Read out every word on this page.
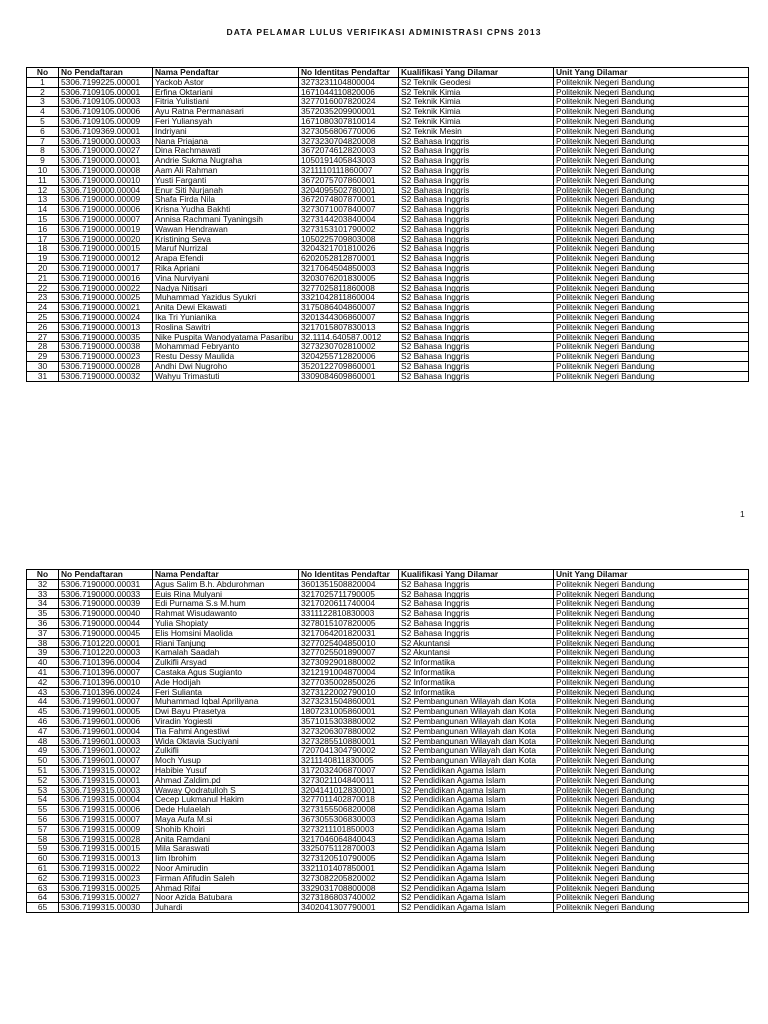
DATA PELAMAR LULUS VERIFIKASI ADMINISTRASI CPNS 2013
No	No Pendaftaran	Nama Pendaftar	No Identitas Pendaftar	Kualifikasi Yang Dilamar	Unit Yang Dilamar
1	5306.7199225.00001	Yackob Astor	3273231104800004	S2 Teknik Geodesi	Politeknik Negeri Bandung
2	5306.7109105.00001	Erfina Oktariani	1671044110820006	S2 Teknik Kimia	Politeknik Negeri Bandung
3	5306.7109105.00003	Fitria Yulistiani	3277016007820024	S2 Teknik Kimia	Politeknik Negeri Bandung
4	5306.7109105.00006	Ayu Ratna Permanasari	3572035209900001	S2 Teknik Kimia	Politeknik Negeri Bandung
5	5306.7109105.00009	Feri Yuliansyah	1671080307810014	S2 Teknik Kimia	Politeknik Negeri Bandung
6	5306.7109369.00001	Indriyani	3273056806770006	S2 Teknik Mesin	Politeknik Negeri Bandung
7	5306.7190000.00003	Nana Priajana	3273230704820008	S2 Bahasa Inggris	Politeknik Negeri Bandung
8	5306.7190000.00027	Dina Rachmawati	3672074612820003	S2 Bahasa Inggris	Politeknik Negeri Bandung
9	5306.7190000.00001	Andrie Sukma Nugraha	1050191405843003	S2 Bahasa Inggris	Politeknik Negeri Bandung
10	5306.7190000.00008	Aam Ali Rahman	3211110111860007	S2 Bahasa Inggris	Politeknik Negeri Bandung
11	5306.7190000.00010	Yusti Farganti	3672075707860001	S2 Bahasa Inggris	Politeknik Negeri Bandung
12	5306.7190000.00004	Enur Siti Nurjanah	3204095502780001	S2 Bahasa Inggris	Politeknik Negeri Bandung
13	5306.7190000.00009	Shafa Firda Nila	3672074807870001	S2 Bahasa Inggris	Politeknik Negeri Bandung
14	5306.7190000.00006	Krisna Yudha Bakhti	3273071007840007	S2 Bahasa Inggris	Politeknik Negeri Bandung
15	5306.7190000.00007	Annisa Rachmani Tyaningsih	3273144203840004	S2 Bahasa Inggris	Politeknik Negeri Bandung
16	5306.7190000.00019	Wawan Hendrawan	3273153101790002	S2 Bahasa Inggris	Politeknik Negeri Bandung
17	5306.7190000.00020	Kristining Seva	1050225709803008	S2 Bahasa Inggris	Politeknik Negeri Bandung
18	5306.7190000.00015	Maruf Nurrizal	3204321701810026	S2 Bahasa Inggris	Politeknik Negeri Bandung
19	5306.7190000.00012	Arapa Efendi	6202052812870001	S2 Bahasa Inggris	Politeknik Negeri Bandung
20	5306.7190000.00017	Rika Apriani	3217064504850003	S2 Bahasa Inggris	Politeknik Negeri Bandung
21	5306.7190000.00016	Vina Nurviyani	3203076201830005	S2 Bahasa Inggris	Politeknik Negeri Bandung
22	5306.7190000.00022	Nadya Nitisari	3277025811860008	S2 Bahasa Inggris	Politeknik Negeri Bandung
23	5306.7190000.00025	Muhammad Yazidus Syukri	3321042811860004	S2 Bahasa Inggris	Politeknik Negeri Bandung
24	5306.7190000.00021	Anita Dewi Ekawati	3175086404860007	S2 Bahasa Inggris	Politeknik Negeri Bandung
25	5306.7190000.00024	Ika Tri Yunianika	3201344306860007	S2 Bahasa Inggris	Politeknik Negeri Bandung
26	5306.7190000.00013	Roslina Sawitri	3217015807830013	S2 Bahasa Inggris	Politeknik Negeri Bandung
27	5306.7190000.00035	Nike Puspita Wanodyatama Pasaribu	32.1114.640587.0012	S2 Bahasa Inggris	Politeknik Negeri Bandung
28	5306.7190000.00038	Mohammad Febryanto	3273230702810002	S2 Bahasa Inggris	Politeknik Negeri Bandung
29	5306.7190000.00023	Restu Dessy Maulida	3204255712820006	S2 Bahasa Inggris	Politeknik Negeri Bandung
30	5306.7190000.00028	Andhi Dwi Nugroho	3520122709860001	S2 Bahasa Inggris	Politeknik Negeri Bandung
31	5306.7190000.00032	Wahyu Trimastuti	3309084609860001	S2 Bahasa Inggris	Politeknik Negeri Bandung
1
No	No Pendaftaran	Nama Pendaftar	No Identitas Pendaftar	Kualifikasi Yang Dilamar	Unit Yang Dilamar
32	5306.7190000.00031	Agus Salim B.h. Abdurohman	3601351508820004	S2 Bahasa Inggris	Politeknik Negeri Bandung
33	5306.7190000.00033	Euis Rina Mulyani	3217025711790005	S2 Bahasa Inggris	Politeknik Negeri Bandung
34	5306.7190000.00039	Edi Purnama S.s M.hum	3217020611740004	S2 Bahasa Inggris	Politeknik Negeri Bandung
35	5306.7190000.00040	Rahmat Wisudawanto	3311122810830003	S2 Bahasa Inggris	Politeknik Negeri Bandung
36	5306.7190000.00044	Yulia Shopiaty	3278015107820005	S2 Bahasa Inggris	Politeknik Negeri Bandung
37	5306.7190000.00045	Elis Homsini Maolida	3217064201820031	S2 Bahasa Inggris	Politeknik Negeri Bandung
38	5306.7101220.00001	Riani Tanjung	3277025404850010	S2 Akuntansi	Politeknik Negeri Bandung
39	5306.7101220.00003	Kamalah Saadah	3277025501890007	S2 Akuntansi	Politeknik Negeri Bandung
40	5306.7101396.00004	Zulkifli Arsyad	3273092901880002	S2 Informatika	Politeknik Negeri Bandung
41	5306.7101396.00007	Castaka Agus Sugianto	3212191004870004	S2 Informatika	Politeknik Negeri Bandung
42	5306.7101396.00010	Ade Hodijah	3277035002850026	S2 Informatika	Politeknik Negeri Bandung
43	5306.7101396.00024	Feri Sulianta	3273122002790010	S2 Informatika	Politeknik Negeri Bandung
44	5306.7199601.00007	Muhammad Iqbal Apriliyana	3273231504860001	S2 Pembangunan Wilayah dan Kota	Politeknik Negeri Bandung
45	5306.7199601.00005	Dwi Bayu Prasetya	1807231005860001	S2 Pembangunan Wilayah dan Kota	Politeknik Negeri Bandung
46	5306.7199601.00006	Viradin Yogiesti	3571015303880002	S2 Pembangunan Wilayah dan Kota	Politeknik Negeri Bandung
47	5306.7199601.00004	Tia Fahmi Angestiwi	3273206307880002	S2 Pembangunan Wilayah dan Kota	Politeknik Negeri Bandung
48	5306.7199601.00003	Wida Oktavia Suciyani	3273285510880001	S2 Pembangunan Wilayah dan Kota	Politeknik Negeri Bandung
49	5306.7199601.00002	Zulkifli	7207041304790002	S2 Pembangunan Wilayah dan Kota	Politeknik Negeri Bandung
50	5306.7199601.00007	Moch Yusup	3211140811830005	S2 Pembangunan Wilayah dan Kota	Politeknik Negeri Bandung
51	5306.7199315.00002	Habibie Yusuf	3172032406870007	S2 Pendidikan Agama Islam	Politeknik Negeri Bandung
52	5306.7199315.00001	Ahmad Zaldim.pd	3273021104840011	S2 Pendidikan Agama Islam	Politeknik Negeri Bandung
53	5306.7199315.00003	Waway Qodratulloh S	3204141012830001	S2 Pendidikan Agama Islam	Politeknik Negeri Bandung
54	5306.7199315.00004	Cecep Lukmanul Hakim	3277011402870018	S2 Pendidikan Agama Islam	Politeknik Negeri Bandung
55	5306.7199315.00006	Dede Hulaelah	3273155506820008	S2 Pendidikan Agama Islam	Politeknik Negeri Bandung
56	5306.7199315.00007	Maya Aufa M.si	3673055306830003	S2 Pendidikan Agama Islam	Politeknik Negeri Bandung
57	5306.7199315.00009	Shohib Khoiri	3273211101850003	S2 Pendidikan Agama Islam	Politeknik Negeri Bandung
58	5306.7199315.00028	Anita Ramdani	3217046064840043	S2 Pendidikan Agama Islam	Politeknik Negeri Bandung
59	5306.7199315.00015	Mila Saraswati	3325075112870003	S2 Pendidikan Agama Islam	Politeknik Negeri Bandung
60	5306.7199315.00013	Iim Ibrohim	3273120510790005	S2 Pendidikan Agama Islam	Politeknik Negeri Bandung
61	5306.7199315.00022	Noor Amirudin	3321101407850001	S2 Pendidikan Agama Islam	Politeknik Negeri Bandung
62	5306.7199315.00023	Firman Afifudin Saleh	3273082205820002	S2 Pendidikan Agama Islam	Politeknik Negeri Bandung
63	5306.7199315.00025	Ahmad Rifai	3329031708800008	S2 Pendidikan Agama Islam	Politeknik Negeri Bandung
64	5306.7199315.00027	Noor Azida Batubara	3273186803740002	S2 Pendidikan Agama Islam	Politeknik Negeri Bandung
65	5306.7199315.00030	Juhardi	3402041307790001	S2 Pendidikan Agama Islam	Politeknik Negeri Bandung
